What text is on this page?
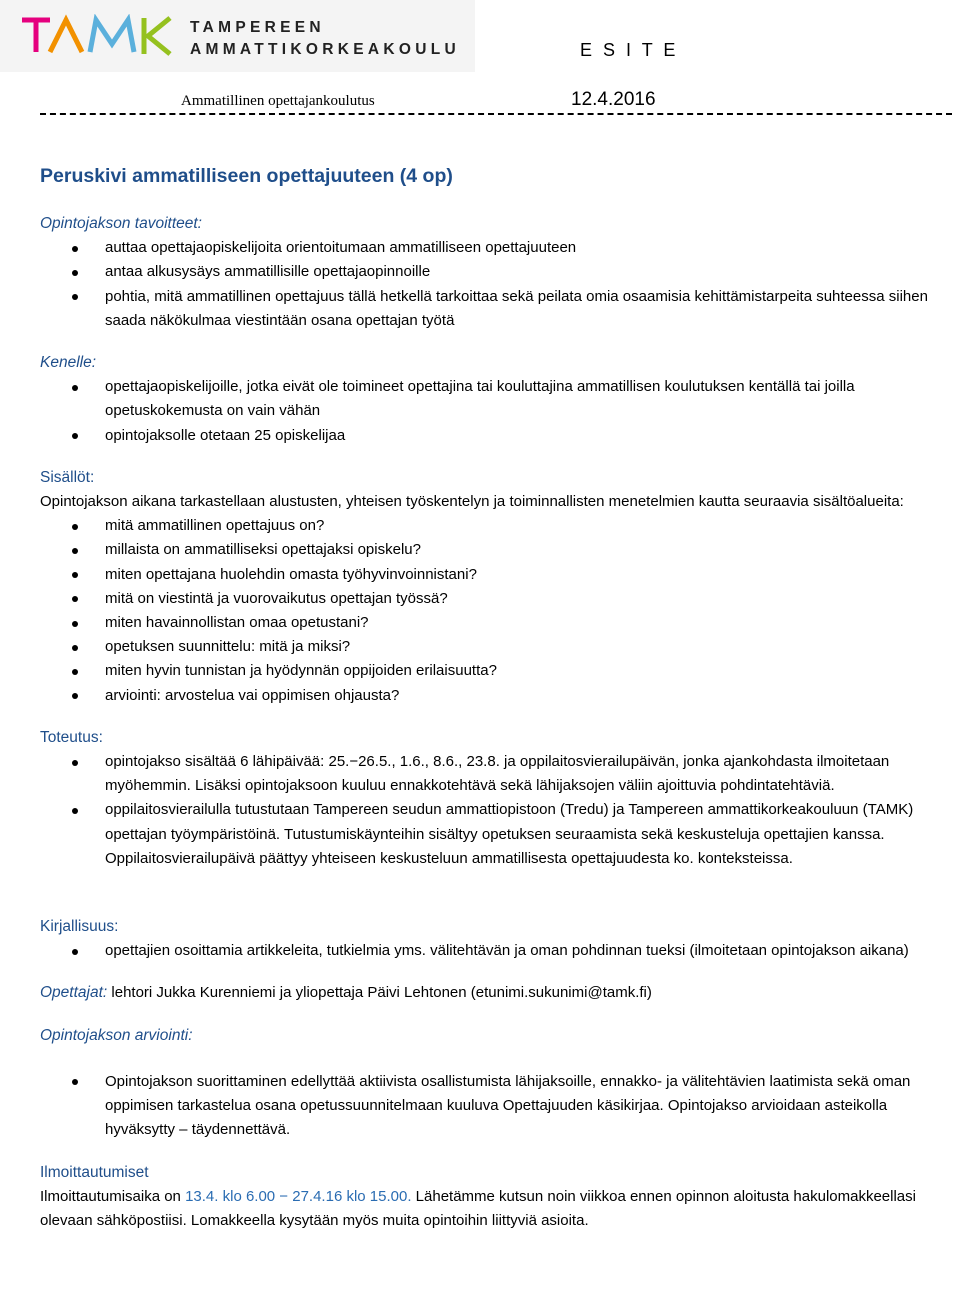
TAMK
TAMPEREEN
AMMATTIKORKEAKOULU	E S I T E
Ammatillinen opettajankoulutus	12.4.2016
Peruskivi ammatilliseen opettajuuteen (4 op)
Opintojakson tavoitteet:
auttaa opettajaopiskelijoita orientoitumaan ammatilliseen opettajuuteen
antaa alkusysäys ammatillisille opettajaopinnoille
pohtia, mitä ammatillinen opettajuus tällä hetkellä tarkoittaa sekä peilata omia osaamisia kehittämistarpeita suhteessa siihen saada näkökulmaa viestintään osana opettajan työtä
Kenelle:
opettajaopiskelijoille, jotka eivät ole toimineet opettajina tai kouluttajina ammatillisen koulutuksen kentällä tai joilla opetuskokemusta on vain vähän
opintojaksolle otetaan 25 opiskelijaa
Sisällöt:
Opintojakson aikana tarkastellaan alustusten, yhteisen työskentelyn ja toiminnallisten menetelmien kautta seuraavia sisältöalueita:
mitä ammatillinen opettajuus on?
millaista on ammatilliseksi opettajaksi opiskelu?
miten opettajana huolehdin omasta työhyvinvoinnistani?
mitä on viestintä ja vuorovaikutus opettajan työssä?
miten havainnollistan omaa opetustani?
opetuksen suunnittelu: mitä ja miksi?
miten hyvin tunnistan ja hyödynnän oppijoiden erilaisuutta?
arviointi: arvostelua vai oppimisen ohjausta?
Toteutus:
opintojakso sisältää 6 lähipäivää: 25.−26.5., 1.6., 8.6., 23.8. ja oppilaitosvierailupäivän, jonka ajankohdasta ilmoitetaan myöhemmin. Lisäksi opintojaksoon kuuluu ennakkotehtävä sekä lähijaksojen väliin ajoittuvia pohdintatehtäviä.
oppilaitosvierailulla tutustutaan Tampereen seudun ammattiopistoon (Tredu) ja Tampereen ammattikorkeakouluun (TAMK) opettajan työympäristöinä. Tutustumiskäynteihin sisältyy opetuksen seuraamista sekä keskusteluja opettajien kanssa. Oppilaitosvierailupäivä päättyy yhteiseen keskusteluun ammatillisesta opettajuudesta ko. konteksteissa.
Kirjallisuus:
opettajien osoittamia artikkeleita, tutkielmia yms. välitehtävän ja oman pohdinnan tueksi (ilmoitetaan opintojakson aikana)
Opettajat: lehtori Jukka Kurenniemi ja yliopettaja Päivi Lehtonen (etunimi.sukunimi@tamk.fi)
Opintojakson arviointi:
Opintojakson suorittaminen edellyttää aktiivista osallistumista lähijaksoille, ennakko- ja välitehtävien laatimista sekä oman oppimisen tarkastelua osana opetussuunnitelmaan kuuluva Opettajuuden käsikirjaa. Opintojakso arvioidaan asteikolla hyväksytty – täydennettävä.
Ilmoittautumiset
Ilmoittautumisaika on 13.4. klo 6.00 − 27.4.16 klo 15.00. Lähetämme kutsun noin viikkoa ennen opinnon aloitusta hakulomakkeellasi olevaan sähköpostiisi. Lomakkeella kysytään myös muita opintoihin liittyviä asioita.
